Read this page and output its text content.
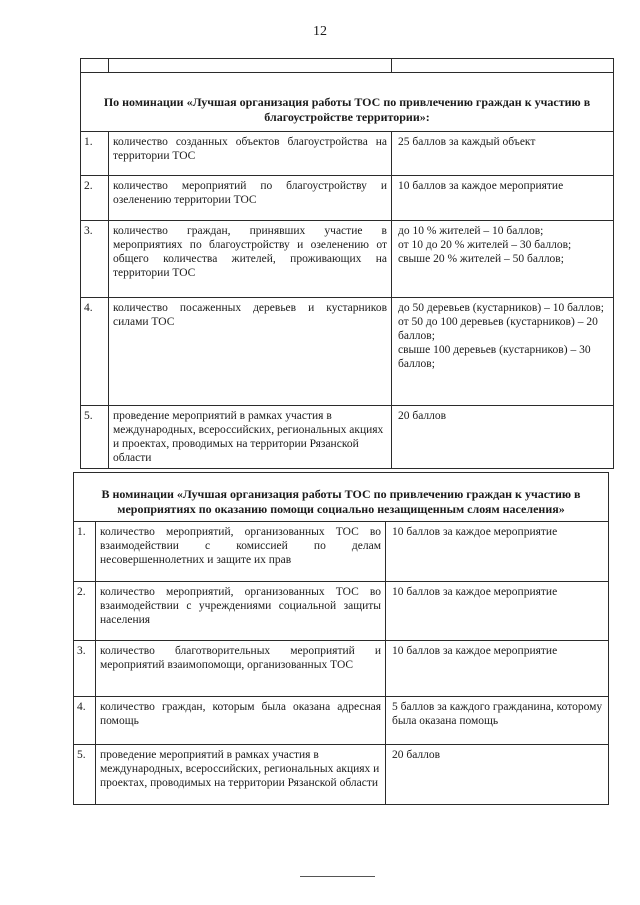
12

По номинации «Лучшая организация работы ТОС по привлечению граждан к участию в благоустройстве территории»:		
1.	количество созданных объектов благоустройства на территории ТОС	25 баллов за каждый объект
2.	количество мероприятий по благоустройству и озеленению территории ТОС	10 баллов за каждое мероприятие
3.	количество граждан, принявших участие в мероприятиях по благоустройству и озеленению от общего количества жителей, проживающих на территории ТОС	до 10 % жителей – 10 баллов;
от 10 до 20 % жителей – 30 баллов;
свыше 20 % жителей – 50 баллов;
4.	количество посаженных деревьев и кустарников силами ТОС	до 50 деревьев (кустарников) – 10 баллов;
от 50 до 100 деревьев (кустарников) – 20 баллов;
свыше 100 деревьев (кустарников) – 30 баллов;
5.	проведение мероприятий в рамках участия в международных, всероссийских, региональных акциях и проектах, проводимых на территории Рязанской области	20 баллов
В номинации «Лучшая организация работы ТОС по привлечению граждан к участию в мероприятиях по оказанию помощи социально незащищенным слоям населения»		
1.	количество мероприятий, организованных ТОС во взаимодействии с комиссией по делам несовершеннолетних и защите их прав	10 баллов за каждое мероприятие
2.	количество мероприятий, организованных ТОС во взаимодействии с учреждениями социальной защиты населения	10 баллов за каждое мероприятие
3.	количество благотворительных мероприятий и мероприятий взаимопомощи, организованных ТОС	10 баллов за каждое мероприятие
4.	количество граждан, которым была оказана адресная помощь	5 баллов за каждого гражданина, которому была оказана помощь
5.	проведение мероприятий в рамках участия в международных, всероссийских, региональных акциях и проектах, проводимых на территории Рязанской области	20 баллов
